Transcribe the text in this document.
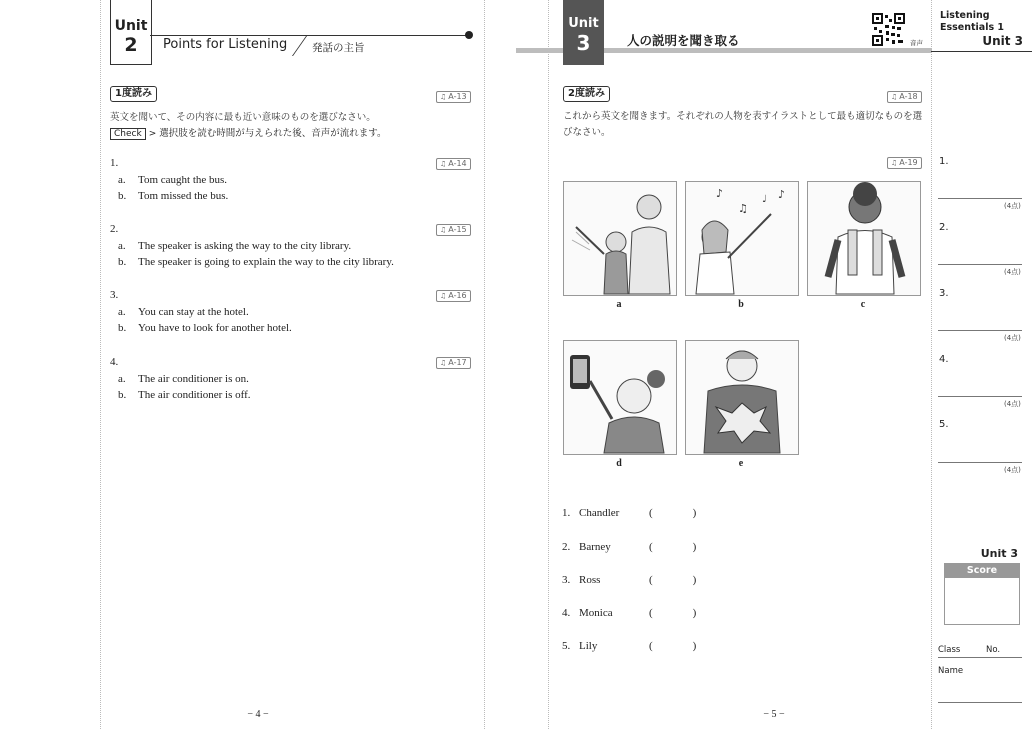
Unit
2	Points for Listening 発話の主旨
1度読み	♫ A-13
英文を聞いて、その内容に最も近い意味のものを選びなさい。
Check > 選択肢を読む時間が与えられた後、音声が流れます。
1.	♫ A-14
a. Tom caught the bus.
b. Tom missed the bus.
2.	♫ A-15
a. The speaker is asking the way to the city library.
b. The speaker is going to explain the way to the city library.
3.	♫ A-16
a. You can stay at the hotel.
b. You have to look for another hotel.
4.	♫ A-17
a. The air conditioner is on.
b. The air conditioner is off.
− 4 −
Unit
3	人の説明を聞き取る	音声
2度読み	♫ A-18
これから英文を聞きます。それぞれの人物を表すイラストとして最も適切なものを選びなさい。
♫ A-19
♪
♫
♩ ♪
a	b	c
d	e
1. Chandler	(	)
2. Barney	(	)
3. Ross	(	)
4. Monica	(	)
5. Lily	(	)
− 5 −
Listening
Essentials 1
Unit 3
1.
(4点)
2.
(4点)
3.
(4点)
4.
(4点)
5.
(4点)
Unit 3
Score
Class	No.
Name
